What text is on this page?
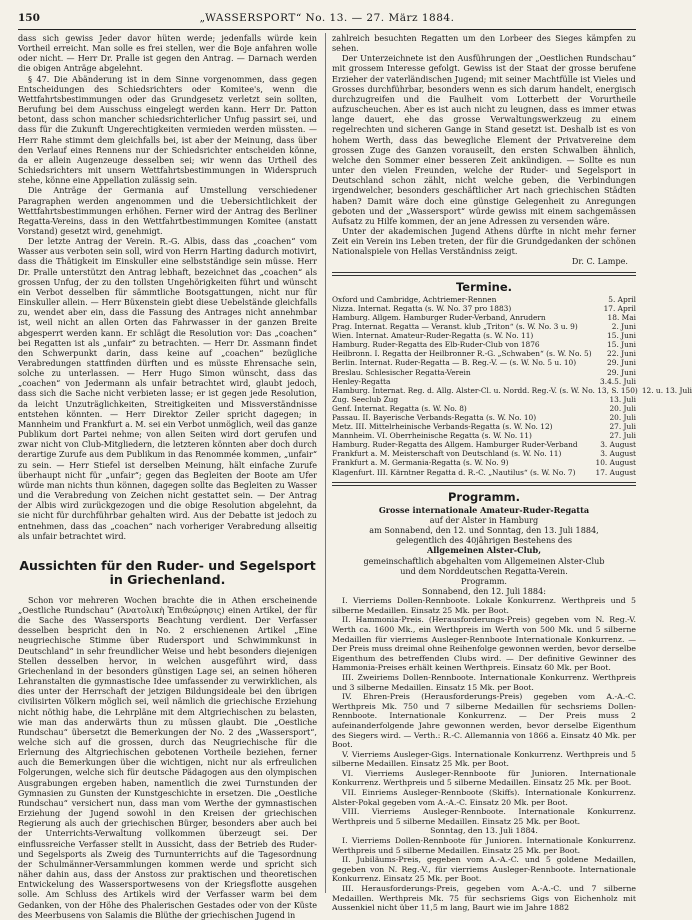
150	„WASSERSPORT“ No. 13. — 27. März 1884.

dass sich gewiss Jeder davor hüten werde; jedenfalls würde kein Vortheil erreicht. Man solle es frei stellen, wer die Boje anfahren wolle oder nicht. — Herr Dr. Pralle ist gegen den Antrag. — Darnach werden die obigen Anträge abgelehnt.

§ 47. Die Abänderung ist in dem Sinne vorgenommen, dass gegen Entscheidungen des Schiedsrichters oder Komitee's, wenn die Wettfahrtsbestimmungen oder das Grundgesetz verletzt sein sollten, Berufung bei dem Ausschuss eingelegt werden kann. Herr Dr. Patton betont, dass schon mancher schiedsrichterlicher Unfug passirt sei, und dass für die Zukunft Ungerechtigkeiten vermieden werden müssten. — Herr Rahe stimmt dem gleichfalls bei, ist aber der Meinung, dass über den Verlauf eines Rennens nur der Schiedsrichter entscheiden könne, da er allein Augenzeuge desselben sei; wir wenn das Urtheil des Schiedsrichters mit unsern Wettfahrtsbestimmungen in Widerspruch stehe, könne eine Appellation zulässig sein.

Die Anträge der Germania auf Umstellung verschiedener Paragraphen werden angenommen und die Uebersichtlichkeit der Wettfahrtsbestimmungen erhöhen. Ferner wird der Antrag des Berliner Regatta-Vereins, dass in den Wettfahrtbestimmungen Komitee (anstatt Vorstand) gesetzt wird, genehmigt.

Der letzte Antrag der Verein. R.-G. Albis, dass das „coachen“ vom Wasser aus verboten sein soll, wird von Herrn Harting dadurch motivirt, dass die Thätigkeit im Einskuller eine selbstständige sein müsse. Herr Dr. Pralle unterstützt den Antrag lebhaft, bezeichnet das „coachen“ als grossen Unfug, der zu den tollsten Ungehörigkeiten führt und wünscht ein Verbot desselben für sämmtliche Bootsgattungen, nicht nur für Einskuller allein. — Herr Büxenstein giebt diese Uebelstände gleichfalls zu, wendet aber ein, dass die Fassung des Antrages nicht annehmbar ist, weil nicht an allen Orten das Fahrwasser in der ganzen Breite abgesperrt werden kann. Er schlägt die Resolution vor: Das „coachen“ bei Regatten ist als „unfair“ zu betrachten. — Herr Dr. Assmann findet den Schwerpunkt darin, dass keine auf „coachen“ bezügliche Verabredungen stattfinden dürften und es müsste Ehrensache sein, solche zu unterlassen. — Herr Hugo Simon wünscht, dass das „coachen“ von Jedermann als unfair betrachtet wird, glaubt jedoch, dass sich die Sache nicht verbieten lasse; er ist gegen jede Resolution, da leicht Unzuträglichkeiten, Streitigkeiten und Missverständnisse entstehen könnten. — Herr Direktor Zeiler spricht dagegen; in Mannheim und Frankfurt a. M. sei ein Verbot unmöglich, weil das ganze Publikum dort Partei nehme; von allen Seiten wird dort gerufen und zwar nicht von Club-Mitgliedern, die letzteren könnten aber doch durch derartige Zurufe aus dem Publikum in das Renommée kommen, „unfair“ zu sein. — Herr Stiefel ist derselben Meinung, hält einfache Zurufe überhaupt nicht für „unfair“; gegen das Begleiten der Boote am Ufer würde man nichts thun können, dagegen sollte das Begleiten zu Wasser und die Verabredung von Zeichen nicht gestattet sein. — Der Antrag der Albis wird zurückgezogen und die obige Resolution abgelehnt, da sie nicht für durchführbar gehalten wird. Aus der Debatte ist jedoch zu entnehmen, dass das „coachen“ nach vorheriger Verabredung allseitig als unfair betrachtet wird.

Aussichten für den Ruder- und Segelsport in Griechenland.

Schon vor mehreren Wochen brachte die in Athen erscheinende „Oestliche Rundschau“ (Ἀνατολικὴ Ἐπιθεώρησις) einen Artikel, der für die Sache des Wassersports Beachtung verdient. Der Verfasser desselben bespricht den in No. 2 erschienenen Artikel „Eine neugriechische Stimme über Rudersport und Schwimmkunst in Deutschland“ in sehr freundlicher Weise und hebt besonders diejenigen Stellen desselben hervor, in welchen ausgeführt wird, dass Griechenland in der besonders günstigen Lage sei, an seinen höheren Lehranstalten die gymnastische Idee umfassender zu verwirklichen, als dies unter der Herrschaft der jetzigen Bildungsideale bei den übrigen civilisirten Völkern möglich sei, weil nämlich die griechische Erziehung nicht nöthig habe, die Lehrpläne mit dem Altgriechischen zu belasten, wie man das anderwärts thun zu müssen glaubt. Die „Oestliche Rundschau“ übersetzt die Bemerkungen der No. 2 des „Wassersport“, welche sich auf die grossen, durch das Neugriechische für die Erlernung des Altgriechischen gebotenen Vortheile beziehen, ferner auch die Bemerkungen über die wichtigen, nicht nur als erfreulichen Folgerungen, welche sich für deutsche Pädagogen aus den olympischen Ausgrabungen ergeben haben, namentlich die zwei Turnstunden der Gymnasien zu Gunsten der Kunstgeschichte in ersetzen. Die „Oestliche Rundschau“ versichert nun, dass man vom Werthe der gymnastischen Erziehung der Jugend sowohl in den Kreisen der griechischen Regierung als auch der griechischen Bürger, besonders aber auch bei der Unterrichts-Verwaltung vollkommen überzeugt sei. Der einflussreiche Verfasser stellt in Aussicht, dass der Betrieb des Ruder- und Segelsports als Zweig des Turnunterrichts auf die Tagesordnung der Schulmänner-Versammlungen kommen werde und spricht sich näher dahin aus, dass der Anstoss zur praktischen und theoretischen Entwickelung des Wassersportwesens von der Kriegsflotte ausgehen solle. Am Schluss des Artikels wird der Verfasser warm bei dem Gedanken, von der Höhe des Phalerischen Gestades oder von der Küste des Meerbusens von Salamis die Blüthe der griechischen Jugend in

zahlreich besuchten Regatten um den Lorbeer des Sieges kämpfen zu sehen.

Der Unterzeichnete ist den Ausführungen der „Oestlichen Rundschau“ mit grossem Interesse gefolgt. Gewiss ist der Staat der grosse berufene Erzieher der vaterländischen Jugend; mit seiner Machtfülle ist Vieles und Grosses durchführbar, besonders wenn es sich darum handelt, energisch durchzugreifen und die Faulheit vom Lotterbett der Vorurtheile aufzuscheuchen. Aber es ist auch nicht zu leugnen, dass es immer etwas lange dauert, ehe das grosse Verwaltungswerkzeug zu einem regelrechten und sicheren Gange in Stand gesetzt ist. Deshalb ist es von hohem Werth, dass das bewegliche Element der Privatvereine dem grossen Zuge des Ganzen vorauseilt, den ersten Schwalben ähnlich, welche den Sommer einer besseren Zeit ankündigen. — Sollte es nun unter den vielen Freunden, welche der Ruder- und Segelsport in Deutschland schon zählt, nicht welche geben, die Verbindungen irgendwelcher, besonders geschäftlicher Art nach griechischen Städten haben? Damit wäre doch eine günstige Gelegenheit zu Anregungen geboten und der „Wassersport“ würde gewiss mit einem sachgemässen Aufsatz zu Hilfe kommen, der an jene Adressen zu versenden wäre.

Unter der akademischen Jugend Athens dürfte in nicht mehr ferner Zeit ein Verein ins Leben treten, der für die Grundgedanken der schönen Nationalspiele von Hellas Verständniss zeigt.

Dr. C. Lampe.
Termine.
Oxford und Cambridge, Achtriemer-Rennen	5. April
Nizza. Internat. Regatta (s. W. No. 37 pro 1883)	17. April
Hamburg. Allgem. Hamburger Ruder-Verband, Anrudern	18. Mai
Prag. Internat. Regatta — Veranst. klub „Triton“ (s. W. No. 3 u. 9)	2. Juni
Wien. Internat. Amateur-Ruder-Regatta (s. W. No. 11)	15. Juni
Hamburg. Ruder-Regatta des Elb-Ruder-Club von 1876	15. Juni
Heilbronn. I. Regatta der Heilbronner R.-G. „Schwaben“ (s. W. No. 5)	22. Juni
Berlin. Internat. Ruder-Regatta — B. Reg.-V. — (s. W. No. 5 u. 10)	29. Juni
Breslau. Schlesischer Regatta-Verein	29. Juni
Henley-Regatta	3.4.5. Juli
Hamburg. Internat. Reg. d. Allg. Alster-Cl. u. Nordd. Reg.-V. (s. W. No. 13, S. 150) 12. u. 13. Juli
Zug. Seeclub Zug	13. Juli
Genf. Internat. Regatta (s. W. No. 8)	20. Juli
Passau. II. Bayerische Verbands-Regatta (s. W. No. 10)	20. Juli
Metz. III. Mittelrheinische Verbands-Regatta (s. W. No. 12)	27. Juli
Mannheim. VI. Oberrheinische Regatta (s. W. No. 11)	27. Juli
Hamburg. Ruder-Regatta des Allgem. Hamburger Ruder-Verband	3. August
Frankfurt a. M. Meisterschaft von Deutschland (s. W. No. 11)	3. August
Frankfurt a. M. Germania-Regatta (s. W. No. 9)	10. August
Klagenfurt. III. Kärntner Regatta d. R.-C. „Nautilus“ (s. W. No. 7)	17. August
Programm.
Grosse internationale Amateur-Ruder-Regatta
auf der Alster in Hamburg
am Sonnabend, den 12. und Sonntag, den 13. Juli 1884,
gelegentlich des 40jährigen Bestehens des
Allgemeinen Alster-Club,
gemeinschaftlich abgehalten vom Allgemeinen Alster-Club
und dem Norddeutschen Regatta-Verein.
Programm.
Sonnabend, den 12. Juli 1884:

I. Vierriems Dollen-Rennboote. Lokale Konkurrenz. Werthpreis und 5 silberne Medaillen. Einsatz 25 Mk. per Boot.

II. Hammonia-Preis. (Herausforderungs-Preis) gegeben vom N. Reg.-V. Werth ca. 1600 Mk., ein Werthpreis im Werth von 500 Mk. und 5 silberne Medaillen für vierriems Ausleger-Rennboote Internationale Konkurrenz. — Der Preis muss dreimal ohne Reihenfolge gewonnen werden, bevor derselbe Eigenthum des betreffenden Clubs wird. — Der definitive Gewinner des Hammonia-Preises erhält keinen Werthpreis. Einsatz 60 Mk. per Boot.

III. Zweiriems Dollen-Rennboote. Internationale Konkurrenz. Werthpreis und 3 silberne Medaillen. Einsatz 15 Mk. per Boot.

IV. Ehren-Preis (Herausforderungs-Preis) gegeben vom A.-A.-C. Werthpreis Mk. 750 und 7 silberne Medaillen für sechsriems Dollen-Rennboote. Internationale Konkurrenz. — Der Preis muss 2 aufeinanderfolgende Jahre gewonnen werden, bevor derselbe Eigenthum des Siegers wird. — Verth.: R.-C. Allemannia von 1866 a. Einsatz 40 Mk. per Boot.

V. Vierriems Ausleger-Gigs. Internationale Konkurrenz. Werthpreis und 5 silberne Medaillen. Einsatz 25 Mk. per Boot.

VI. Vierriems Ausleger-Rennboote für Junioren. Internationale Konkurrenz. Werthpreis und 5 silberne Medaillen. Einsatz 25 Mk. per Boot.

VII. Einriems Ausleger-Rennboote (Skiffs). Internationale Konkurrenz. Alster-Pokal gegeben vom A.-A.-C. Einsatz 20 Mk. per Boot.

VIII. Vierriems Ausleger-Rennboote. Internationale Konkurrenz. Werthpreis und 5 silberne Medaillen. Einsatz 25 Mk. per Boot.

Sonntag, den 13. Juli 1884.

I. Vierriems Dollen-Rennboote für Junioren. Internationale Konkurrenz. Werthpreis und 5 silberne Medaillen. Einsatz 25 Mk. per Boot.

II. Jubiläums-Preis, gegeben vom A.-A.-C. und 5 goldene Medaillen, gegeben von N. Reg.-V., für vierriems Ausleger-Rennboote. Internationale Konkurrenz. Einsatz 25 Mk. per Boot.

III. Herausforderungs-Preis, gegeben vom A.-A.-C. und 7 silberne Medaillen. Werthpreis Mk. 75 für sechsriems Gigs von Eichenholz mit Aussenkiel nicht über 11,5 m lang, Baurt wie im Jahre 1882
